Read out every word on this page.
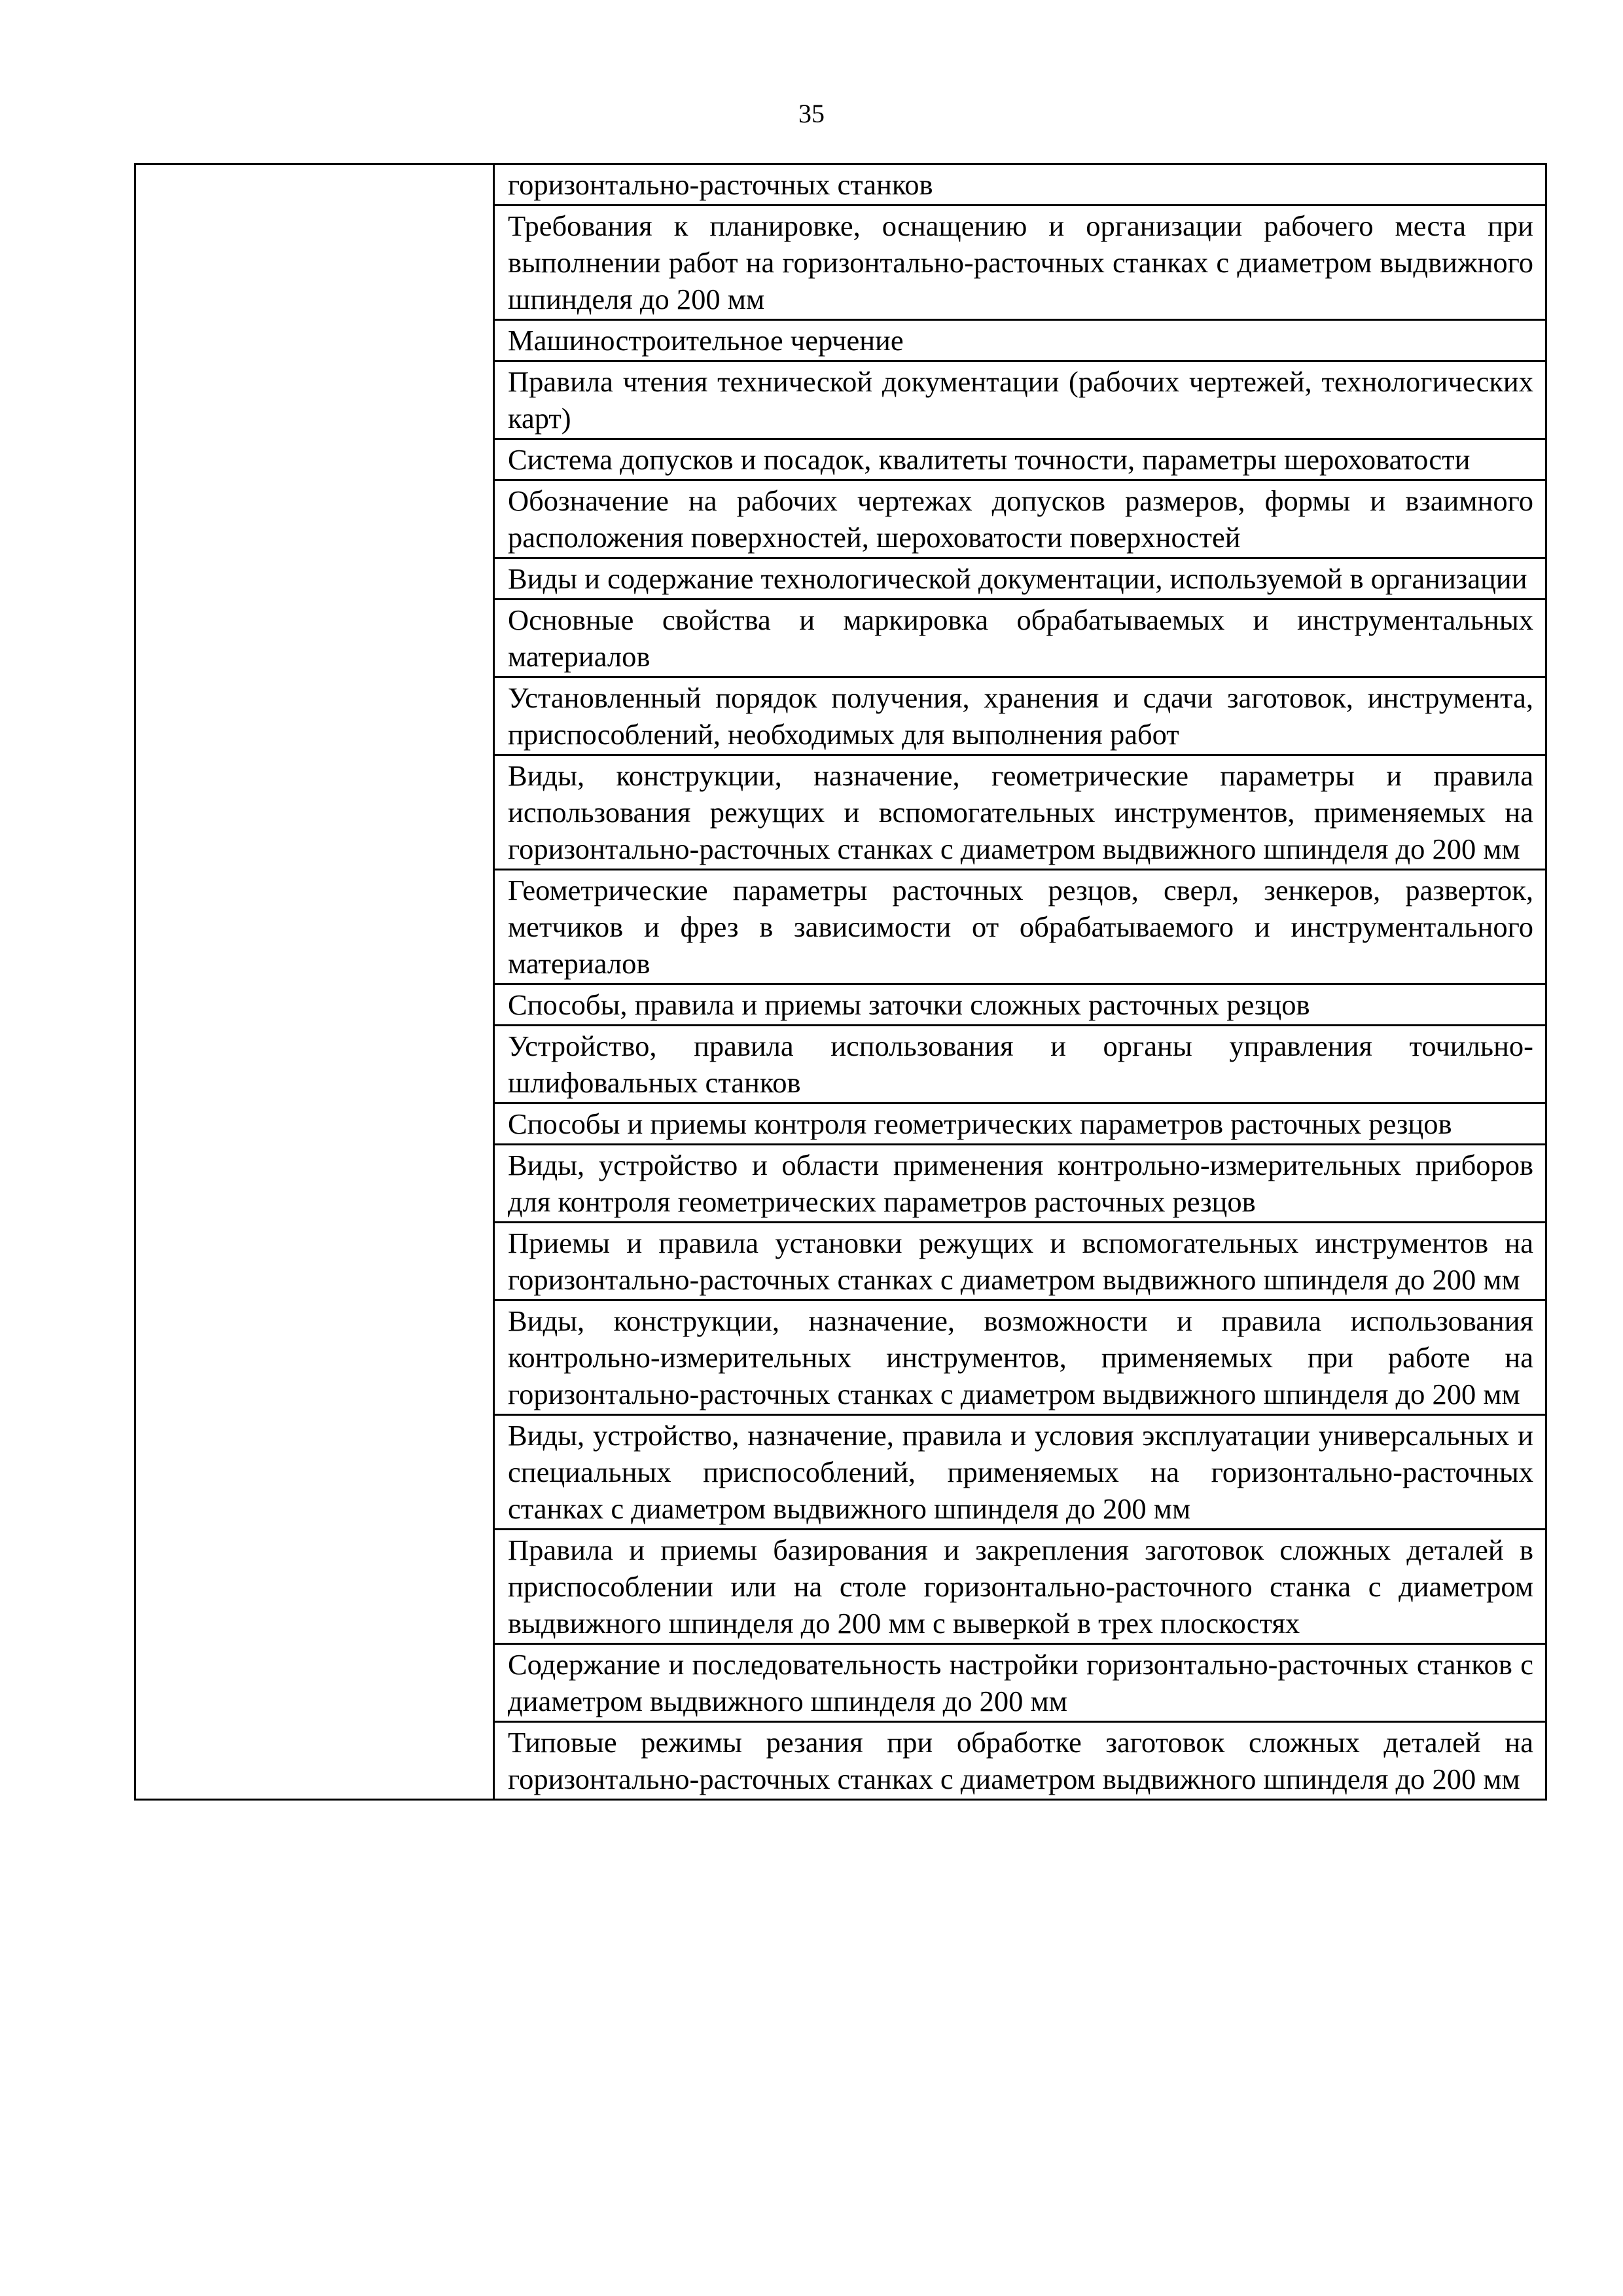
35
	горизонтально-расточных станков
Требования к планировке, оснащению и организации рабочего места при выполнении работ на горизонтально-расточных станках с диаметром выдвижного шпинделя до 200 мм
Машиностроительное черчение
Правила чтения технической документации (рабочих чертежей, технологических карт)
Система допусков и посадок, квалитеты точности, параметры шероховатости
Обозначение на рабочих чертежах допусков размеров, формы и взаимного расположения поверхностей, шероховатости поверхностей
Виды и содержание технологической документации, используемой в организации
Основные свойства и маркировка обрабатываемых и инструментальных материалов
Установленный порядок получения, хранения и сдачи заготовок, инструмента, приспособлений, необходимых для выполнения работ
Виды, конструкции, назначение, геометрические параметры и правила использования режущих и вспомогательных инструментов, применяемых на горизонтально-расточных станках с диаметром выдвижного шпинделя до 200 мм
Геометрические параметры расточных резцов, сверл, зенкеров, разверток, метчиков и фрез в зависимости от обрабатываемого и инструментального материалов
Способы, правила и приемы заточки сложных расточных резцов
Устройство, правила использования и органы управления точильно-шлифовальных станков
Способы и приемы контроля геометрических параметров расточных резцов
Виды, устройство и области применения контрольно-измерительных приборов для контроля геометрических параметров расточных резцов
Приемы и правила установки режущих и вспомогательных инструментов на горизонтально-расточных станках с диаметром выдвижного шпинделя до 200 мм
Виды, конструкции, назначение, возможности и правила использования контрольно-измерительных инструментов, применяемых при работе на горизонтально-расточных станках с диаметром выдвижного шпинделя до 200 мм
Виды, устройство, назначение, правила и условия эксплуатации универсальных и специальных приспособлений, применяемых на горизонтально-расточных станках с диаметром выдвижного шпинделя до 200 мм
Правила и приемы базирования и закрепления заготовок сложных деталей в приспособлении или на столе горизонтально-расточного станка с диаметром выдвижного шпинделя до 200 мм с выверкой в трех плоскостях
Содержание и последовательность настройки горизонтально-расточных станков с диаметром выдвижного шпинделя до 200 мм
Типовые режимы резания при обработке заготовок сложных деталей на горизонтально-расточных станках с диаметром выдвижного шпинделя до 200 мм
